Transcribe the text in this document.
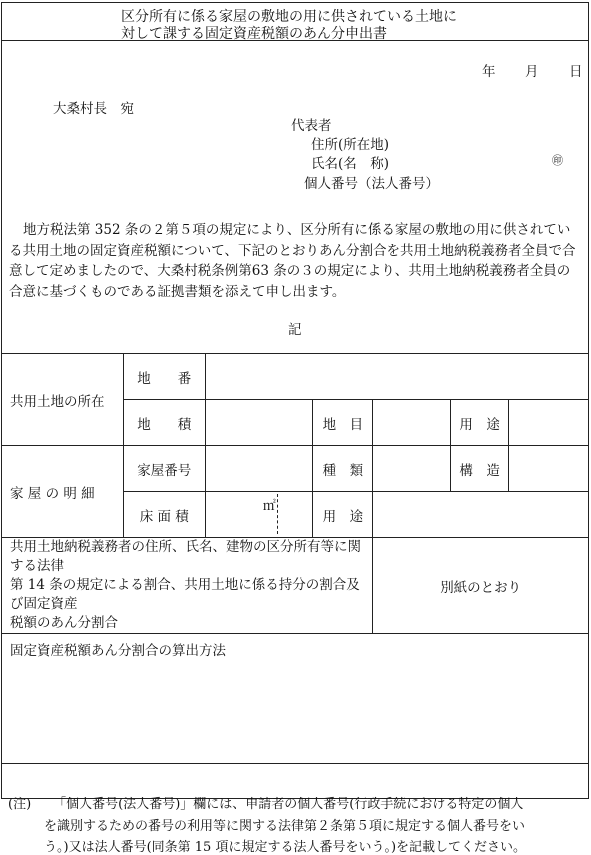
区分所有に係る家屋の敷地の用に供されている土地に
対して課する固定資産税額のあん分申出書
年 月 日
大桑村長　宛
代表者
住所(所在地)
氏名(名　称)	㊞
個人番号（法人番号）
地方税法第 352 条の２第５項の規定により、区分所有に係る家屋の敷地の用に供されている共用土地の固定資産税額について、下記のとおりあん分割合を共用土地納税義務者全員で合意して定めましたので、大桑村税条例第63 条の３の規定により、共用土地納税義務者全員の合意に基づくものである証拠書類を添えて申し出ます。
記
共用土地の所在	地　　番					
	地　　積		地　目		用　途	
家 屋 の 明 細	家屋番号		種　類		構　造	
	床 面 積	㎡	用　途			

共用土地納税義務者の住所、氏名、建物の区分所有等に関する法律
第 14 条の規定による割合、共用土地に係る持分の割合及び固定資産
税額のあん分割合				別紙のとおり		
固定資産税額あん分割合の算出方法						
(注) 「個人番号(法人番号)」欄には、申請者の個人番号(行政手続における特定の個人
を識別するための番号の利用等に関する法律第２条第５項に規定する個人番号をい
う。)又は法人番号(同条第 15 項に規定する法人番号をいう。)を記載してください。
